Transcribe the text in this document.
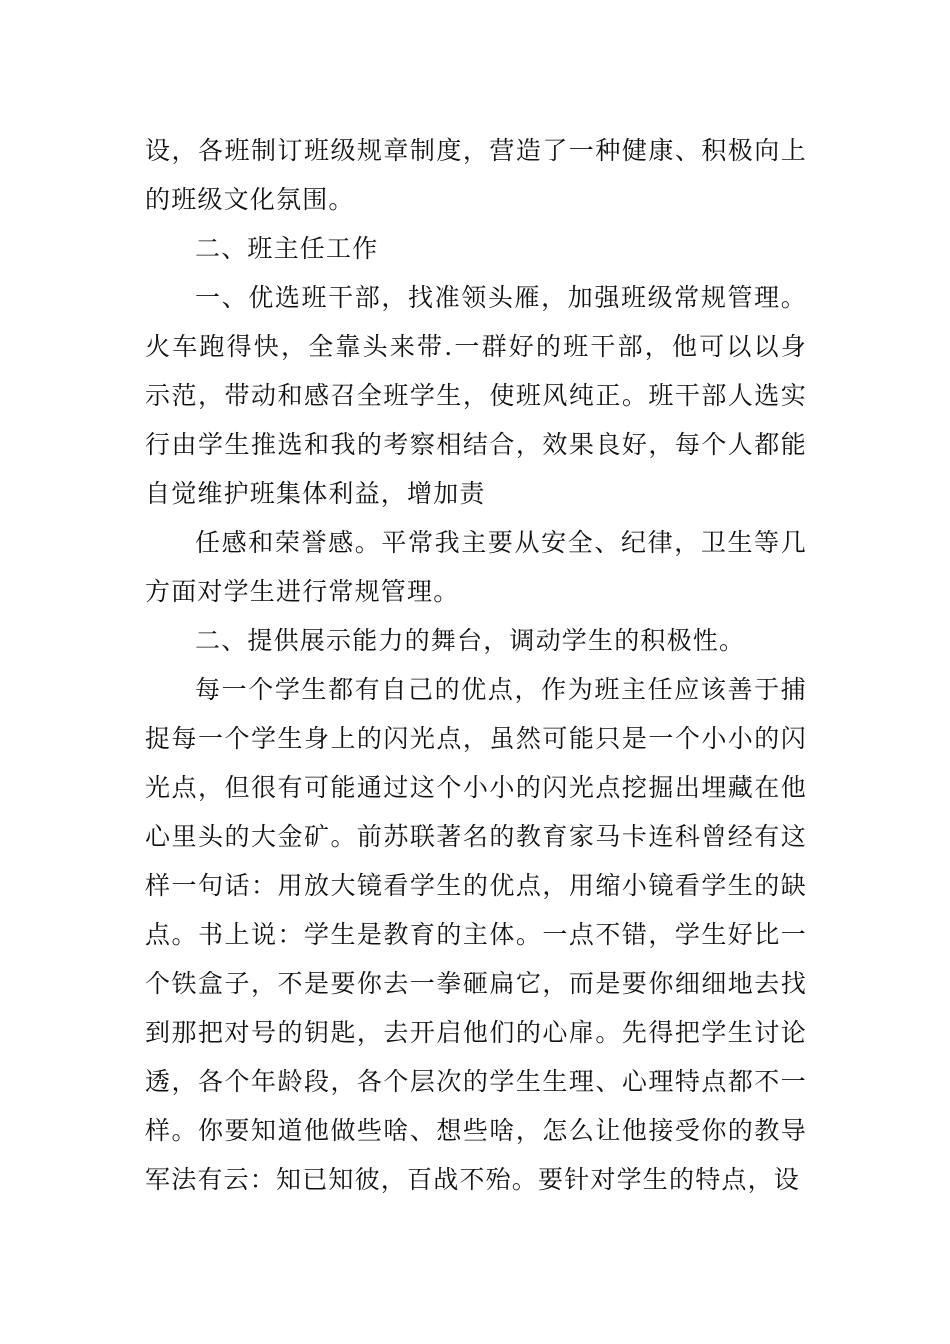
设，各班制订班级规章制度，营造了一种健康、积极向上的班级文化氛围。

二、班主任工作

一、优选班干部，找准领头雁，加强班级常规管理。火车跑得快，全靠头来带.一群好的班干部，他可以以身示范，带动和感召全班学生，使班风纯正。班干部人选实行由学生推选和我的考察相结合，效果良好，每个人都能自觉维护班集体利益，增加责

任感和荣誉感。平常我主要从安全、纪律，卫生等几方面对学生进行常规管理。

二、提供展示能力的舞台，调动学生的积极性。

每一个学生都有自己的优点，作为班主任应该善于捕捉每一个学生身上的闪光点，虽然可能只是一个小小的闪光点，但很有可能通过这个小小的闪光点挖掘出埋藏在他心里头的大金矿。前苏联著名的教育家马卡连科曾经有这样一句话：用放大镜看学生的优点，用缩小镜看学生的缺点。书上说：学生是教育的主体。一点不错，学生好比一个铁盒子，不是要你去一拳砸扁它，而是要你细细地去找到那把对号的钥匙，去开启他们的心扉。先得把学生讨论透，各个年龄段，各个层次的学生生理、心理特点都不一样。你要知道他做些啥、想些啥，怎么让他接受你的教导军法有云：知已知彼，百战不殆。要针对学生的特点，设
